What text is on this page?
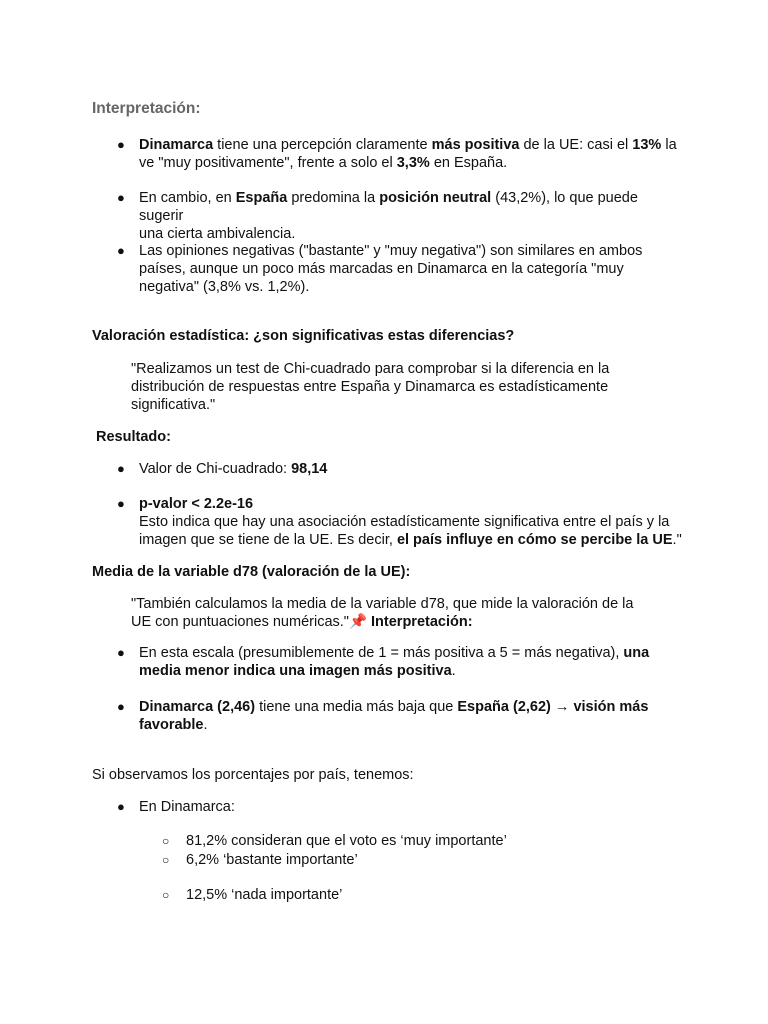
Interpretación:
● Dinamarca tiene una percepción claramente más positiva de la UE: casi el 13% la
ve "muy positivamente", frente a solo el 3,3% en España.
● En cambio, en España predomina la posición neutral (43,2%), lo que puede sugerir
una cierta ambivalencia.
● Las opiniones negativas ("bastante" y "muy negativa") son similares en ambos
países, aunque un poco más marcadas en Dinamarca en la categoría "muy
negativa" (3,8% vs. 1,2%).
Valoración estadística: ¿son significativas estas diferencias?
"Realizamos un test de Chi-cuadrado para comprobar si la diferencia en la
distribución de respuestas entre España y Dinamarca es estadísticamente
significativa."
Resultado:
● Valor de Chi-cuadrado: 98,14
● p-valor < 2.2e-16
Esto indica que hay una asociación estadísticamente significativa entre el país y la
imagen que se tiene de la UE. Es decir, el país influye en cómo se percibe la UE."
Media de la variable d78 (valoración de la UE):
"También calculamos la media de la variable d78, que mide la valoración de la
UE con puntuaciones numéricas."📌 Interpretación:
● En esta escala (presumiblemente de 1 = más positiva a 5 = más negativa), una
media menor indica una imagen más positiva.
● Dinamarca (2,46) tiene una media más baja que España (2,62) → visión más
favorable.
Si observamos los porcentajes por país, tenemos:
● En Dinamarca:
○ 81,2% consideran que el voto es ‘muy importante’
○ 6,2% ‘bastante importante’
○ 12,5% ‘nada importante’
